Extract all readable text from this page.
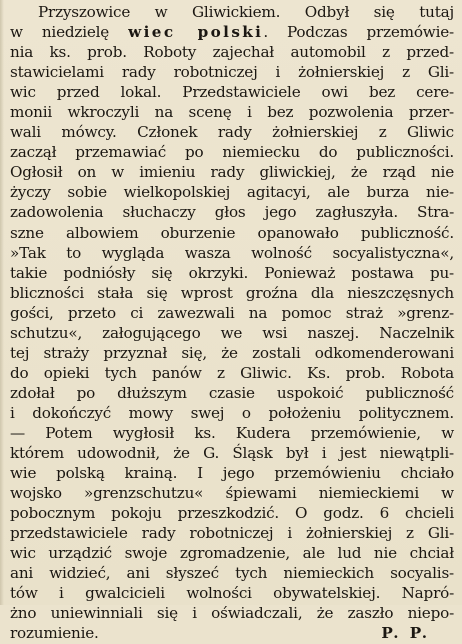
Przyszowice w Gliwickiem. Odbył się tutaj
w niedzielę wiec polski. Podczas przemówie-
nia ks. prob. Roboty zajechał automobil z przed-
stawicielami rady robotniczej i żołnierskiej z Gli-
wic przed lokal. Przedstawiciele owi bez cere-
monii wkroczyli na scenę i bez pozwolenia przer-
wali mówcy. Członek rady żołnierskiej z Gliwic
zaczął przemawiać po niemiecku do publiczności.
Ogłosił on w imieniu rady gliwickiej, że rząd nie
życzy sobie wielkopolskiej agitacyi, ale burza nie-
zadowolenia słuchaczy głos jego zagłuszyła. Stra-
szne albowiem oburzenie opanowało publiczność.
»Tak to wygląda wasza wolność socyalistyczna«,
takie podniósły się okrzyki. Ponieważ postawa pu-
bliczności stała się wprost groźna dla nieszczęsnych
gości, przeto ci zawezwali na pomoc straż »grenz-
schutzu«, załogującego we wsi naszej. Naczelnik
tej straży przyznał się, że zostali odkomenderowani
do opieki tych panów z Gliwic. Ks. prob. Robota
zdołał po dłuższym czasie uspokoić publiczność
i dokończyć mowy swej o położeniu politycznem.
— Potem wygłosił ks. Kudera przemówienie, w
którem udowodnił, że G. Śląsk był i jest niewątpli-
wie polską krainą. I jego przemówieniu chciało
wojsko »grenzschutzu« śpiewami niemieckiemi w
pobocznym pokoju przeszkodzić. O godz. 6 chcieli
przedstawiciele rady robotniczej i żołnierskiej z Gli-
wic urządzić swoje zgromadzenie, ale lud nie chciał
ani widzieć, ani słyszeć tych niemieckich socyalis-
tów i gwalcicieli wolności obywatelskiej. Napró-
żno uniewinniali się i oświadczali, że zaszło niepo-
rozumienie.	P. P.
